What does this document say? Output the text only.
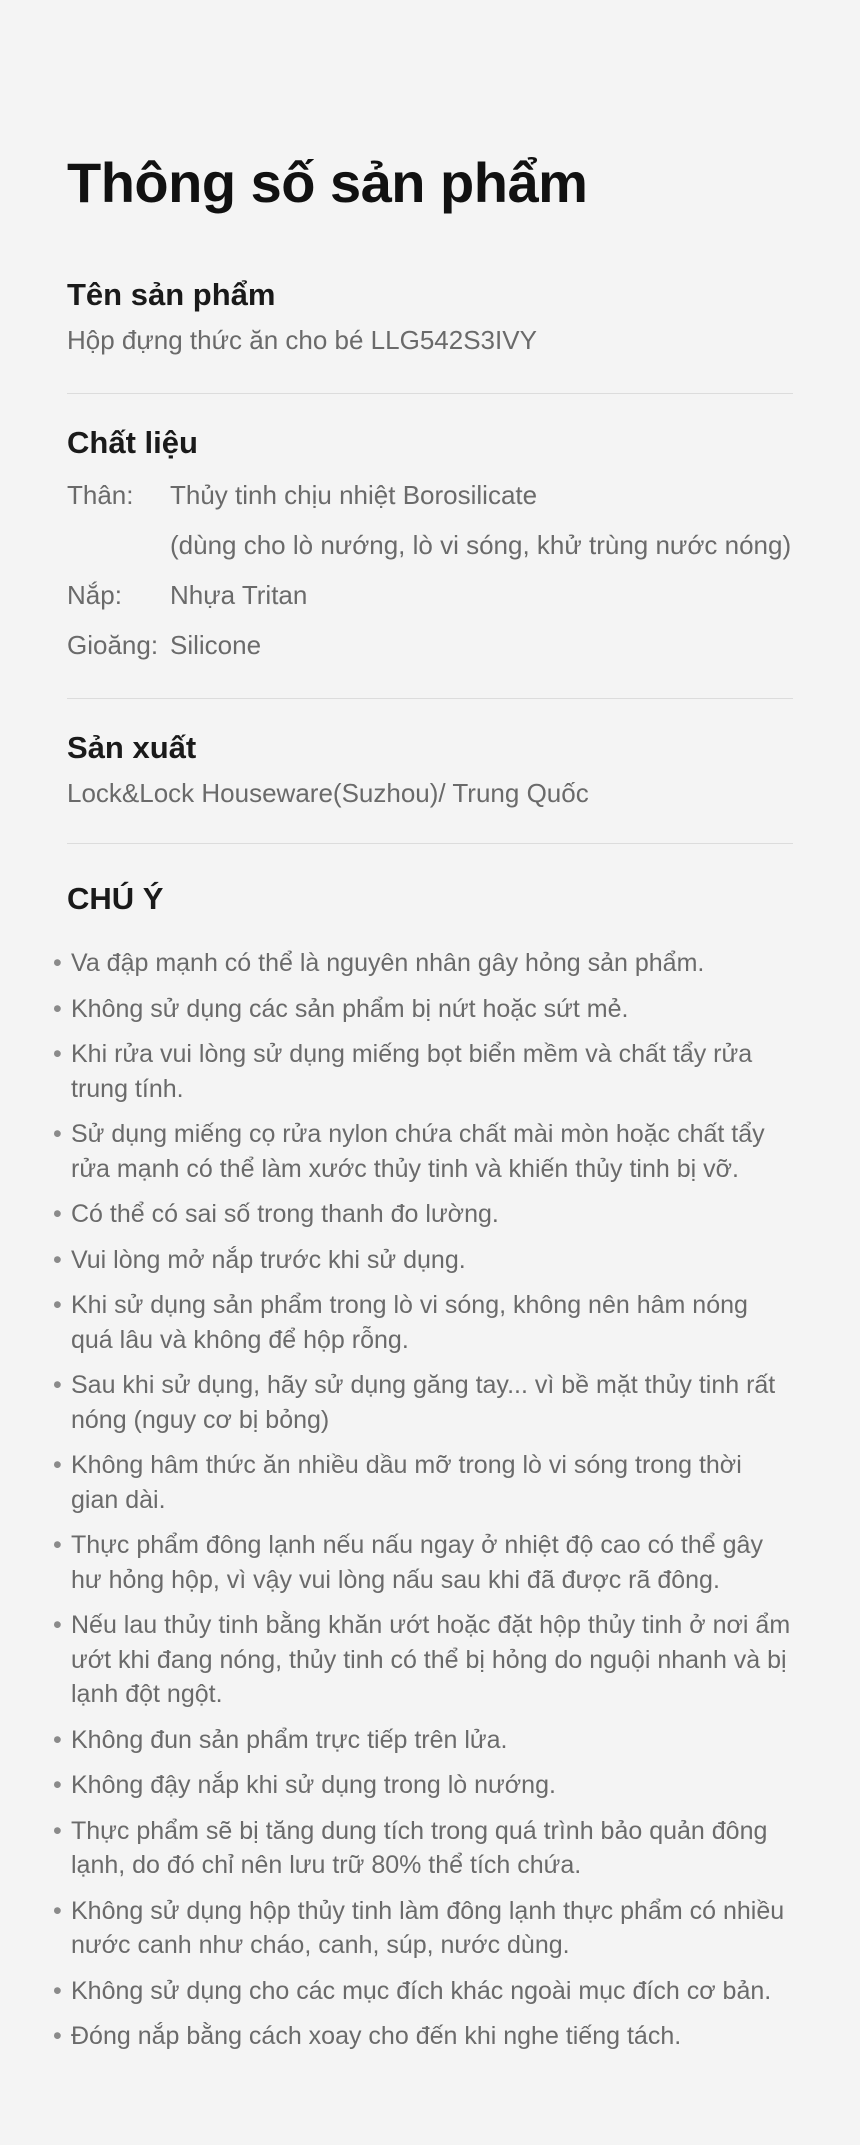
Thông số sản phẩm
Tên sản phẩm
Hộp đựng thức ăn cho bé LLG542S3IVY
Chất liệu
Thân:	Thủy tinh chịu nhiệt Borosilicate
(dùng cho lò nướng, lò vi sóng, khử trùng nước nóng)
Nắp:	Nhựa Tritan
Gioăng: Silicone
Sản xuất
Lock&Lock Houseware(Suzhou)/ Trung Quốc
CHÚ Ý
• Va đập mạnh có thể là nguyên nhân gây hỏng sản phẩm.
• Không sử dụng các sản phẩm bị nứt hoặc sứt mẻ.
• Khi rửa vui lòng sử dụng miếng bọt biển mềm và chất tẩy rửa trung tính.
• Sử dụng miếng cọ rửa nylon chứa chất mài mòn hoặc chất tẩy rửa mạnh có thể làm xước thủy tinh và khiến thủy tinh bị vỡ.
• Có thể có sai số trong thanh đo lường.
• Vui lòng mở nắp trước khi sử dụng.
• Khi sử dụng sản phẩm trong lò vi sóng, không nên hâm nóng quá lâu và không để hộp rỗng.
• Sau khi sử dụng, hãy sử dụng găng tay... vì bề mặt thủy tinh rất nóng (nguy cơ bị bỏng)
• Không hâm thức ăn nhiều dầu mỡ trong lò vi sóng trong thời gian dài.
• Thực phẩm đông lạnh nếu nấu ngay ở nhiệt độ cao có thể gây hư hỏng hộp, vì vậy vui lòng nấu sau khi đã được rã đông.
• Nếu lau thủy tinh bằng khăn ướt hoặc đặt hộp thủy tinh ở nơi ẩm ướt khi đang nóng, thủy tinh có thể bị hỏng do nguội nhanh và bị lạnh đột ngột.
• Không đun sản phẩm trực tiếp trên lửa.
• Không đậy nắp khi sử dụng trong lò nướng.
• Thực phẩm sẽ bị tăng dung tích trong quá trình bảo quản đông lạnh, do đó chỉ nên lưu trữ 80% thể tích chứa.
• Không sử dụng hộp thủy tinh làm đông lạnh thực phẩm có nhiều nước canh như cháo, canh, súp, nước dùng.
• Không sử dụng cho các mục đích khác ngoài mục đích cơ bản.
• Đóng nắp bằng cách xoay cho đến khi nghe tiếng tách.
